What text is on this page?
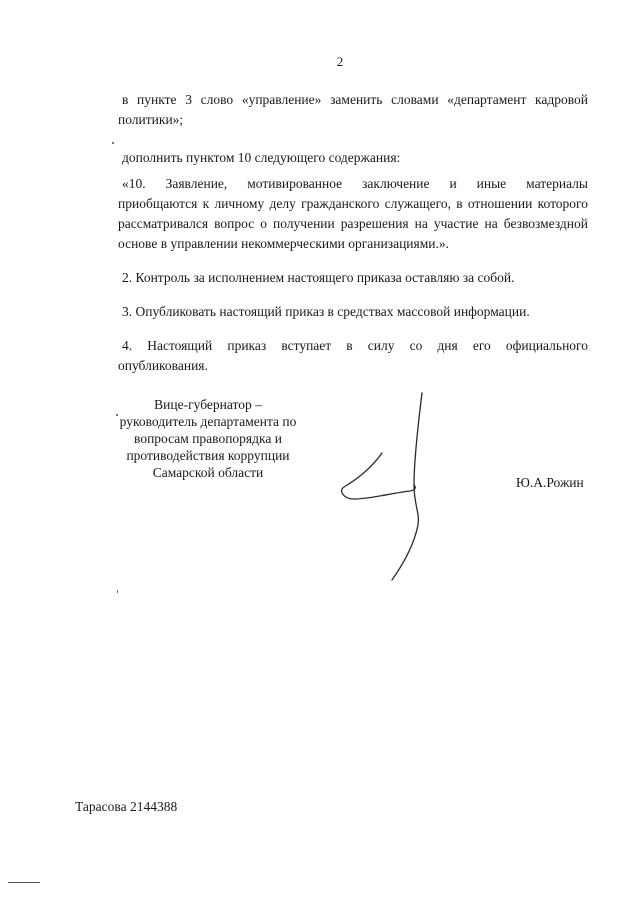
2

в пункте 3 слово «управление» заменить словами «департамент кадровой
политики»;

дополнить пунктом 10 следующего содержания:

«10. Заявление, мотивированное заключение и иные материалы
приобщаются к личному делу гражданского служащего, в отношении которого
рассматривался вопрос о получении разрешения на участие на безвозмездной
основе в управлении некоммерческими организациями.».

2. Контроль за исполнением настоящего приказа оставляю за собой.

3. Опубликовать настоящий приказ в средствах массовой информации.

4. Настоящий приказ вступает в силу со дня его официального
опубликования.

Вице-губернатор –
руководитель департамента по
вопросам правопорядка и
противодействия коррупции
Самарской области
Ю.А.Рожин
Тарасова 2144388
